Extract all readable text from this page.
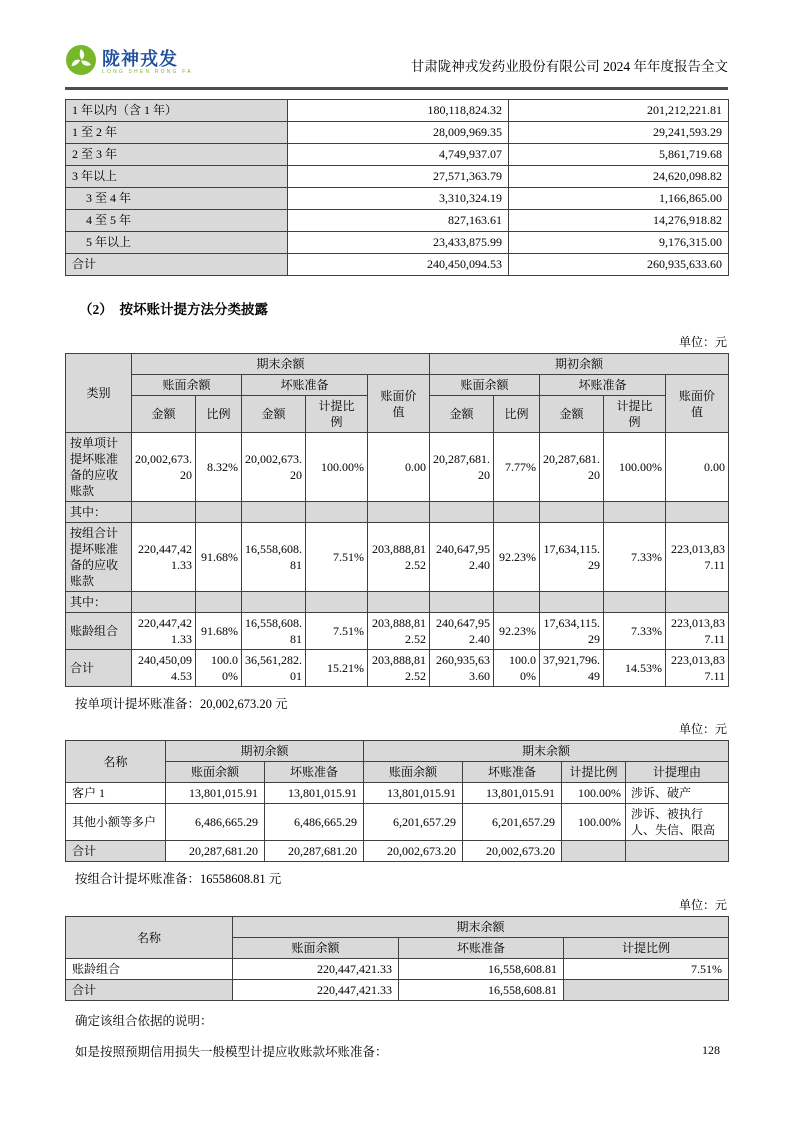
陇神戎发
LONG SHEN RONG FA	甘肃陇神戎发药业股份有限公司 2024 年年度报告全文
1 年以内（含 1 年）	180,118,824.32	201,212,221.81
1 至 2 年	28,009,969.35	29,241,593.29
2 至 3 年	4,749,937.07	5,861,719.68
3 年以上	27,571,363.79	24,620,098.82
3 至 4 年	3,310,324.19	1,166,865.00
4 至 5 年	827,163.61	14,276,918.82
5 年以上	23,433,875.99	9,176,315.00
合计	240,450,094.53	260,935,633.60
（2）　按坏账计提方法分类披露
单位：元
类别	期末余额					期初余额				
	账面余额		坏账准备		账面价值	账面余额		坏账准备		账面价值
	金额	比例	金额	计提比例		金额	比例	金额	计提比例	
按单项计提坏账准备的应收账款	20,002,673.20	8.32%	20,002,673.20	100.00%	0.00	20,287,681.20	7.77%	20,287,681.20	100.00%	0.00
其中：										
按组合计提坏账准备的应收账款	220,447,421.33	91.68%	16,558,608.81	7.51%	203,888,812.52	240,647,952.40	92.23%	17,634,115.29	7.33%	223,013,837.11
其中：										
账龄组合	220,447,421.33	91.68%	16,558,608.81	7.51%	203,888,812.52	240,647,952.40	92.23%	17,634,115.29	7.33%	223,013,837.11
合计	240,450,094.53	100.00%	36,561,282.01	15.21%	203,888,812.52	260,935,633.60	100.00%	37,921,796.49	14.53%	223,013,837.11
按单项计提坏账准备：20,002,673.20 元
单位：元
名称	期初余额		期末余额			
	账面余额	坏账准备	账面余额	坏账准备	计提比例	计提理由
客户 1	13,801,015.91	13,801,015.91	13,801,015.91	13,801,015.91	100.00%	涉诉、破产
其他小额等多户	6,486,665.29	6,486,665.29	6,201,657.29	6,201,657.29	100.00%	涉诉、被执行人、失信、限高
合计	20,287,681.20	20,287,681.20	20,002,673.20	20,002,673.20		
按组合计提坏账准备：16558608.81 元
单位：元
名称	期末余额		
	账面余额	坏账准备	计提比例
账龄组合	220,447,421.33	16,558,608.81	7.51%
合计	220,447,421.33	16,558,608.81	
确定该组合依据的说明：
如是按照预期信用损失一般模型计提应收账款坏账准备：	128
